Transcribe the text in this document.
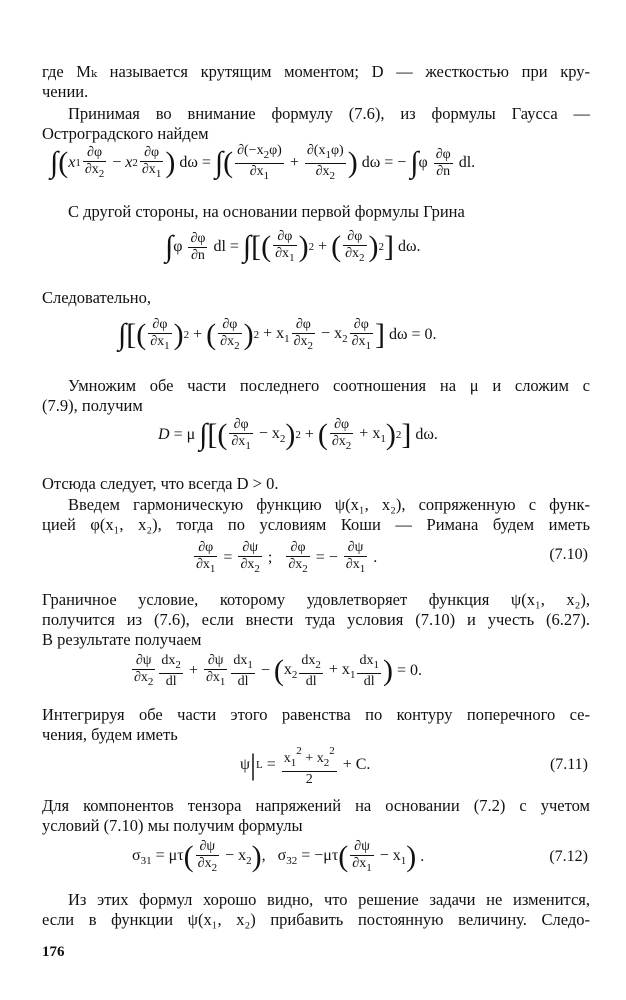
где Mₖ называется крутящим моментом; D — жесткостью при кру-
чении.
Принимая во внимание формулу (7.6), из формулы Гаусса —
Остроградского найдем
∫ ( x $1 \frac{\partial\varphi}{\partial x_2} - x$ $2 \frac{\partial\varphi}{\partial x_1}$ ) dω = ∫ ( $\frac{\partial(-x_2\varphi)}{\partial x_1} + \frac{\partial(x_1\varphi)}{\partial x_2}$ ) dω = − ∫ φ $\frac{\partial\varphi}{\partial n}$ dl.
С другой стороны, на основании первой формулы Грина
∫ φ $\frac{\partial\varphi}{\partial n}$ dl = ∫ [ ( $\frac{\partial\varphi}{\partial x_1}$ ) 2 + ( $\frac{\partial\varphi}{\partial x_2}$ ) 2 ] dω.
Следовательно,
∫ [ ( $\frac{\partial\varphi}{\partial x_1}$ ) 2 + ( $\frac{\partial\varphi}{\partial x_2}$ ) $2 + x_1 \frac{\partial\varphi}{\partial x_2} - x_2 \frac{\partial\varphi}{\partial x_1}$ ] dω = 0.
Умножим обе части последнего соотношения на μ и сложим с
(7.9), получим
D = μ ∫ [ ( $\frac{\partial\varphi}{\partial x_1} - x_2$ ) 2 + ( $\frac{\partial\varphi}{\partial x_2} + x_1$ ) 2 ] dω.
Отсюда следует, что всегда D > 0.
Введем гармоническую функцию ψ(x₁, x₂), сопряженную с функ-
цией φ(x₁, x₂), тогда по условиям Коши — Римана будем иметь
$\frac{\partial\varphi}{\partial x_1} = \frac{\partial\psi}{\partial x_2}$ ; $\frac{\partial\varphi}{\partial x_2}$ = − $\frac{\partial\psi}{\partial x_1}$ .	(7.10)
Граничное условие, которому удовлетворяет функция ψ(x₁, x₂),
получится из (7.6), если внести туда условия (7.10) и учесть (6.27).
В результате получаем
$\frac{\partial\psi}{\partial x_2} \frac{dx_2}{dl} + \frac{\partial\psi}{\partial x_1} \frac{dx_1}{dl}$ − ( $x_2 \frac{dx_2}{dl} + x_1 \frac{dx_1}{dl}$ ) = 0.
Интегрируя обе части этого равенства по контуру поперечного се-
чения, будем иметь
ψ | $L = \frac{x_1^2 + x_2^2}{2} + C$.	(7.11)
Для компонентов тензора напряжений на основании (7.2) с учетом
условий (7.10) мы получим формулы
$\sigma_{31} = \mu\tau$ ( $\frac{\partial\psi}{\partial x_2} - x_2$ ) ,   $\sigma_{32} = -\mu\tau$ ( $\frac{\partial\psi}{\partial x_1} - x_1$ ) .	(7.12)
Из этих формул хорошо видно, что решение задачи не изменится,
если в функции ψ(x₁, x₂) прибавить постоянную величину. Следо-
176
